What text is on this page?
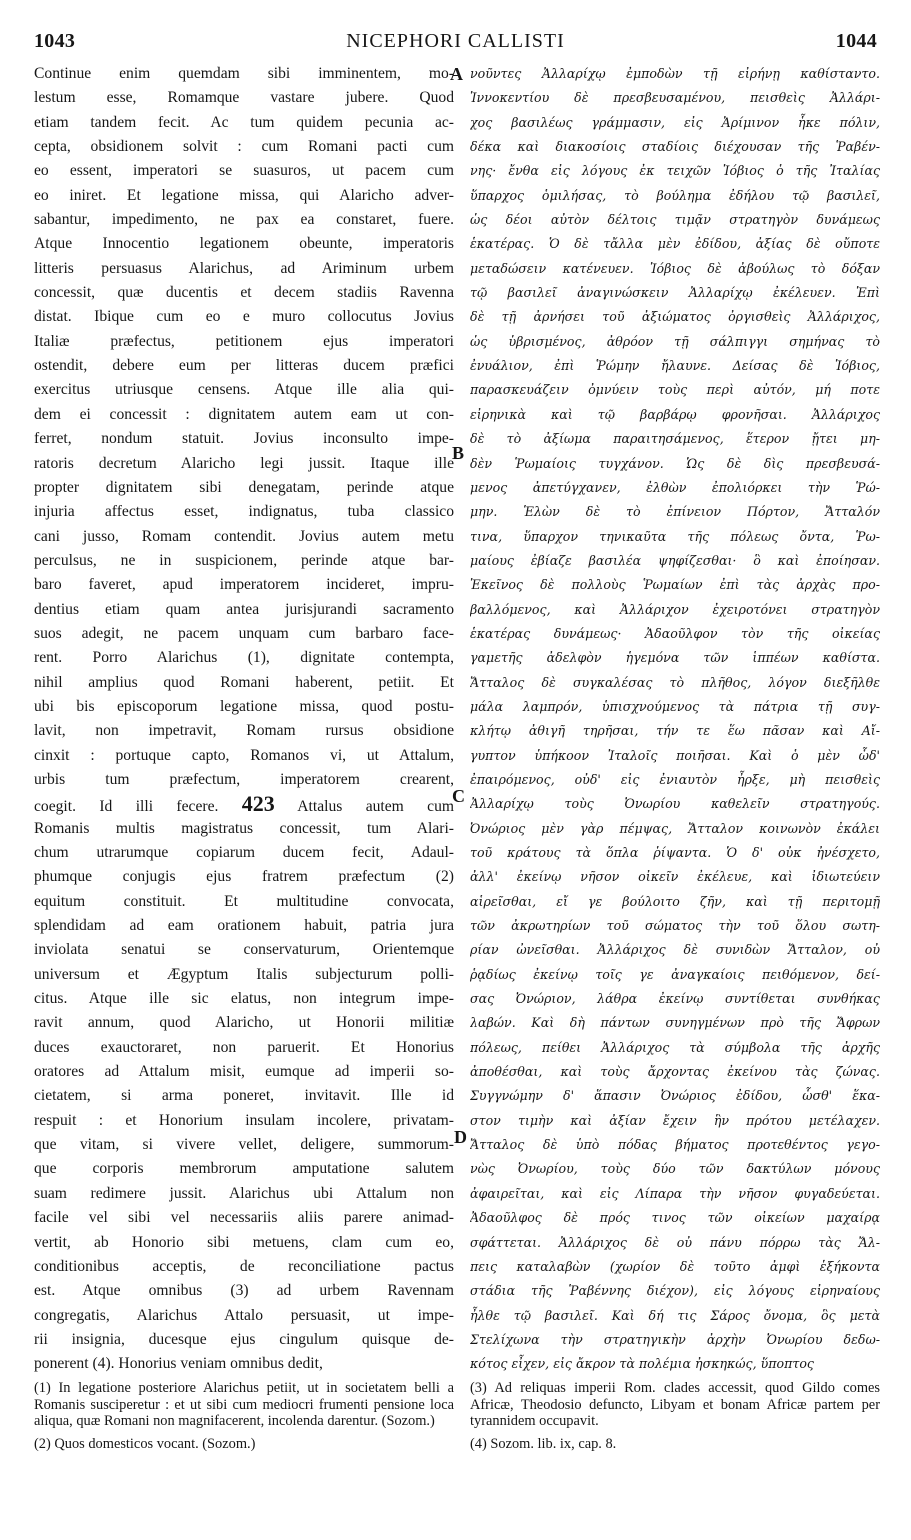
1043	NICEPHORI CALLISTI	1044
Continue enim quemdam sibi imminentem, mo-
lestum esse, Romamque vastare jubere. Quod
etiam tandem fecit. Ac tum quidem pecunia ac-
cepta, obsidionem solvit : cum Romani pacti cum
eo essent, imperatori se suasuros, ut pacem cum
eo iniret. Et legatione missa, qui Alaricho adver-
sabantur, impedimento, ne pax ea constaret, fuere.
Atque Innocentio legationem obeunte, imperatoris
litteris persuasus Alarichus, ad Ariminum urbem
concessit, quæ ducentis et decem stadiis Ravenna
distat. Ibique cum eo e muro collocutus Jovius
Italiæ præfectus, petitionem ejus imperatori
ostendit, debere eum per litteras ducem præfici
exercitus utriusque censens. Atque ille alia qui-
dem ei concessit : dignitatem autem eam ut con-
ferret, nondum statuit. Jovius inconsulto impe-
ratoris decretum Alaricho legi jussit. Itaque ille
propter dignitatem sibi denegatam, perinde atque
injuria affectus esset, indignatus, tuba classico
cani jusso, Romam contendit. Jovius autem metu
perculsus, ne in suspicionem, perinde atque bar-
baro faveret, apud imperatorem incideret, impru-
dentius etiam quam antea jurisjurandi sacramento
suos adegit, ne pacem unquam cum barbaro face-
rent. Porro Alarichus (1), dignitate contempta,
nihil amplius quod Romani haberent, petiit. Et
ubi bis episcoporum legatione missa, quod postu-
lavit, non impetravit, Romam rursus obsidione
cinxit : portuque capto, Romanos vi, ut Attalum,
urbis tum præfectum, imperatorem crearent,
coegit. Id illi fecere. 423 Attalus autem cum
Romanis multis magistratus concessit, tum Alari-
chum utrarumque copiarum ducem fecit, Adaul-
phumque conjugis ejus fratrem præfectum (2)
equitum constituit. Et multitudine convocata,
splendidam ad eam orationem habuit, patria jura
inviolata senatui se conservaturum, Orientemque
universum et Ægyptum Italis subjecturum polli-
citus. Atque ille sic elatus, non integrum impe-
ravit annum, quod Alaricho, ut Honorii militiæ
duces exauctoraret, non paruerit. Et Honorius
oratores ad Attalum misit, eumque ad imperii so-
cietatem, si arma poneret, invitavit. Ille id
respuit : et Honorium insulam incolere, privatam-
que vitam, si vivere vellet, deligere, summorum-
que corporis membrorum amputatione salutem
suam redimere jussit. Alarichus ubi Attalum non
facile vel sibi vel necessariis aliis parere animad-
vertit, ab Honorio sibi metuens, clam cum eo,
conditionibus acceptis, de reconciliatione pactus
est. Atque omnibus (3) ad urbem Ravennam
congregatis, Alarichus Attalo persuasit, ut impe-
rii insignia, ducesque ejus cingulum quisque de-
ponerent (4). Honorius veniam omnibus dedit,
νοῦντες Ἀλλαρίχῳ ἐμποδὼν τῇ εἰρήνῃ καθίσταντο.
Ἰννοκεντίου δὲ πρεσβευσαμένου, πεισθεὶς Ἀλλάρι-
χος βασιλέως γράμμασιν, εἰς Ἀρίμινον ἧκε πόλιν,
δέκα καὶ διακοσίοις σταδίοις διέχουσαν τῆς Ῥαβέν-
νης· ἔνθα εἰς λόγους ἐκ τειχῶν Ἰόβιος ὁ τῆς Ἰταλίας
ὕπαρχος ὁμιλήσας, τὸ βούλημα ἐδήλου τῷ βασιλεῖ,
ὡς δέοι αὐτὸν δέλτοις τιμᾷν στρατηγὸν δυνάμεως
ἑκατέρας. Ὁ δὲ τἄλλα μὲν ἐδίδου, ἀξίας δὲ οὔποτε
μεταδώσειν κατένευεν. Ἰόβιος δὲ ἀβούλως τὸ δόξαν
τῷ βασιλεῖ ἀναγινώσκειν Ἀλλαρίχῳ ἐκέλευεν. Ἐπὶ
δὲ τῇ ἀρνήσει τοῦ ἀξιώματος ὀργισθεὶς Ἀλλάριχος,
ὡς ὑβρισμένος, ἀθρόον τῇ σάλπιγγι σημήνας τὸ
ἐνυάλιον, ἐπὶ Ῥώμην ἤλαυνε. Δείσας δὲ Ἰόβιος,
παρασκευάζειν ὀμνύειν τοὺς περὶ αὐτόν, μή ποτε
εἰρηνικὰ καὶ τῷ βαρβάρῳ φρονῆσαι. Ἀλλάριχος
δὲ τὸ ἀξίωμα παραιτησάμενος, ἕτερον ᾔτει μη-
δὲν Ῥωμαίοις τυγχάνον. Ὡς δὲ δὶς πρεσβευσά-
μενος ἀπετύγχανεν, ἐλθὼν ἐπολιόρκει τὴν Ῥώ-
μην. Ἑλὼν δὲ τὸ ἐπίνειον Πόρτον, Ἄτταλόν
τινα, ὕπαρχον τηνικαῦτα τῆς πόλεως ὄντα, Ῥω-
μαίους ἐβίαζε βασιλέα ψηφίζεσθαι· ὃ καὶ ἐποίησαν.
Ἐκεῖνος δὲ πολλοὺς Ῥωμαίων ἐπὶ τὰς ἀρχὰς προ-
βαλλόμενος, καὶ Ἀλλάριχον ἐχειροτόνει στρατηγὸν
ἑκατέρας δυνάμεως· Ἀδαοῦλφον τὸν τῆς οἰκείας
γαμετῆς ἀδελφὸν ἡγεμόνα τῶν ἱππέων καθίστα.
Ἄτταλος δὲ συγκαλέσας τὸ πλῆθος, λόγον διεξῆλθε
μάλα λαμπρόν, ὑπισχνούμενος τὰ πάτρια τῇ συγ-
κλήτῳ ἀθιγῆ τηρῆσαι, τήν τε ἕω πᾶσαν καὶ Αἴ-
γυπτον ὑπήκοον Ἰταλοῖς ποιῆσαι. Καὶ ὁ μὲν ὧδ'
ἐπαιρόμενος, οὐδ' εἰς ἐνιαυτὸν ἦρξε, μὴ πεισθεὶς
Ἀλλαρίχῳ τοὺς Ὀνωρίου καθελεῖν στρατηγούς.
Ὀνώριος μὲν γὰρ πέμψας, Ἄτταλον κοινωνὸν ἐκάλει
τοῦ κράτους τὰ ὅπλα ῥίψαντα. Ὁ δ' οὐκ ἠνέσχετο,
ἀλλ' ἐκείνῳ νῆσον οἰκεῖν ἐκέλευε, καὶ ἰδιωτεύειν
αἱρεῖσθαι, εἴ γε βούλοιτο ζῆν, καὶ τῇ περιτομῇ
τῶν ἀκρωτηρίων τοῦ σώματος τὴν τοῦ ὅλου σωτη-
ρίαν ὠνεῖσθαι. Ἀλλάριχος δὲ συνιδὼν Ἄτταλον, οὐ
ῥᾳδίως ἐκείνῳ τοῖς γε ἀναγκαίοις πειθόμενον, δεί-
σας Ὀνώριον, λάθρα ἐκείνῳ συντίθεται συνθήκας
λαβών. Καὶ δὴ πάντων συνηγμένων πρὸ τῆς Ἄφρων
πόλεως, πείθει Ἀλλάριχος τὰ σύμβολα τῆς ἀρχῆς
ἀποθέσθαι, καὶ τοὺς ἄρχοντας ἐκείνου τὰς ζώνας.
Συγγνώμην δ' ἅπασιν Ὀνώριος ἐδίδου, ὧσθ' ἕκα-
στον τιμὴν καὶ ἀξίαν ἔχειν ἣν πρότου μετέλαχεν.
Ἄτταλος δὲ ὑπὸ πόδας βήματος προτεθέντος γεγο-
νὼς Ὀνωρίου, τοὺς δύο τῶν δακτύλων μόνους
ἀφαιρεῖται, καὶ εἰς Λίπαρα τὴν νῆσον φυγαδεύεται.
Ἀδαοῦλφος δὲ πρός τινος τῶν οἰκείων μαχαίρᾳ
σφάττεται. Ἀλλάριχος δὲ οὐ πάνυ πόρρω τὰς Ἄλ-
πεις καταλαβὼν (χωρίον δὲ τοῦτο ἀμφὶ ἑξήκοντα
στάδια τῆς Ῥαβέννης διέχον), εἰς λόγους εἰρηναίους
ἦλθε τῷ βασιλεῖ. Καὶ δή τις Σάρος ὄνομα, ὃς μετὰ
Στελίχωνα τὴν στρατηγικὴν ἀρχὴν Ὀνωρίου δεδω-
κότος εἶχεν, εἰς ἄκρον τὰ πολέμια ἠσκηκώς, ὕποπτος
A
B
C
D

(1) In legatione posteriore Alarichus petiit, ut in societatem belli a Romanis susciperetur : et ut sibi cum mediocri frumenti pensione loca aliqua, quæ Romani non magnifacerent, incolenda darentur. (Sozom.)

(2) Quos domesticos vocant. (Sozom.)

(3) Ad reliquas imperii Rom. clades accessit, quod Gildo comes Africæ, Theodosio defuncto, Libyam et bonam Africæ partem per tyrannidem occupavit.

(4) Sozom. lib. ix, cap. 8.
